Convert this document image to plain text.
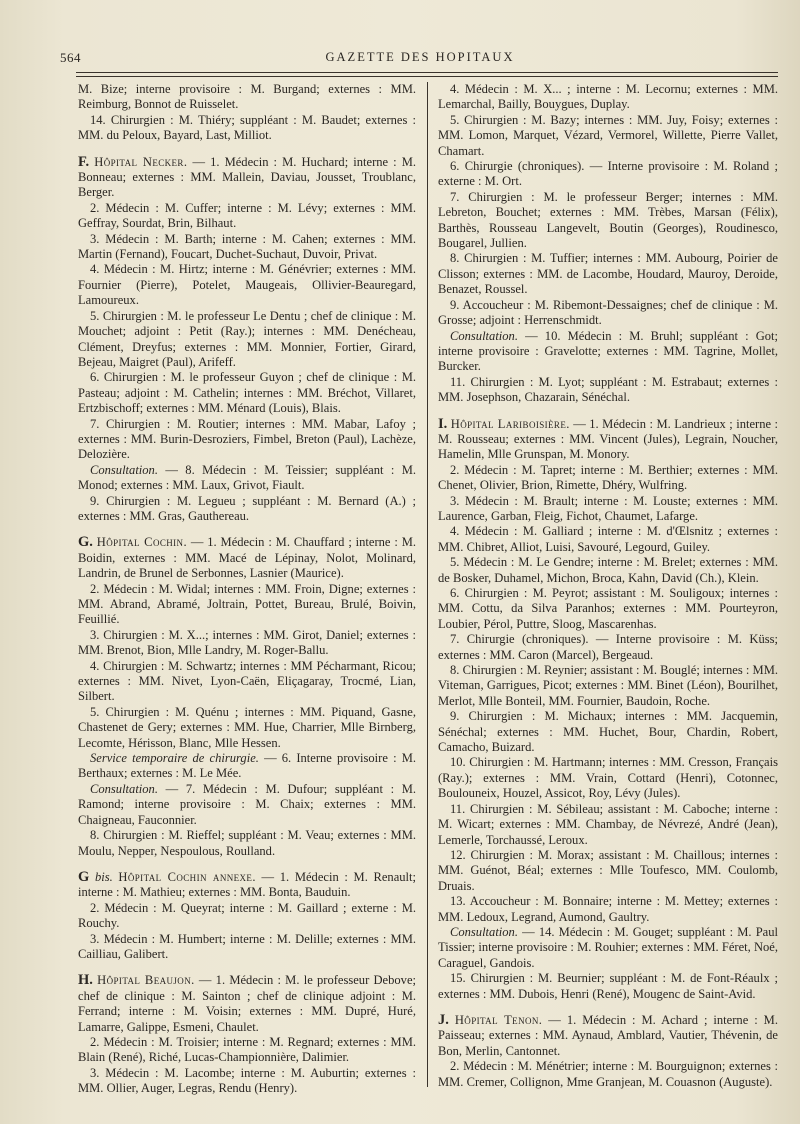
564	GAZETTE DES HOPITAUX

M. Bize; interne provisoire : M. Burgand; externes : MM. Reimburg, Bonnot de Ruisselet.

14. Chirurgien : M. Thiéry; suppléant : M. Baudet; externes : MM. du Peloux, Bayard, Last, Milliot.

F. Hôpital Necker. — 1. Médecin : M. Huchard; interne : M. Bonneau; externes : MM. Mallein, Daviau, Jousset, Troublanc, Berger.

2. Médecin : M. Cuffer; interne : M. Lévy; externes : MM. Geffray, Sourdat, Brin, Bilhaut.

3. Médecin : M. Barth; interne : M. Cahen; externes : MM. Martin (Fernand), Foucart, Duchet-Suchaut, Duvoir, Privat.

4. Médecin : M. Hirtz; interne : M. Génévrier; externes : MM. Fournier (Pierre), Potelet, Maugeais, Ollivier-Beauregard, Lamoureux.

5. Chirurgien : M. le professeur Le Dentu ; chef de clinique : M. Mouchet; adjoint : Petit (Ray.); internes : MM. Denécheau, Clément, Dreyfus; externes : MM. Monnier, Fortier, Girard, Bejeau, Maigret (Paul), Arifeff.

6. Chirurgien : M. le professeur Guyon ; chef de clinique : M. Pasteau; adjoint : M. Cathelin; internes : MM. Bréchot, Villaret, Ertzbischoff; externes : MM. Ménard (Louis), Blais.

7. Chirurgien : M. Routier; internes : MM. Mabar, Lafoy ; externes : MM. Burin-Desroziers, Fimbel, Breton (Paul), Lachèze, Delozière.

Consultation. — 8. Médecin : M. Teissier; suppléant : M. Monod; externes : MM. Laux, Grivot, Fiault.

9. Chirurgien : M. Legueu ; suppléant : M. Bernard (A.) ; externes : MM. Gras, Gauthereau.

G. Hôpital Cochin. — 1. Médecin : M. Chauffard ; interne : M. Boidin, externes : MM. Macé de Lépinay, Nolot, Molinard, Landrin, de Brunel de Serbonnes, Lasnier (Maurice).

2. Médecin : M. Widal; internes : MM. Froin, Digne; externes : MM. Abrand, Abramé, Joltrain, Pottet, Bureau, Brulé, Boivin, Feuillié.

3. Chirurgien : M. X...; internes : MM. Girot, Daniel; externes : MM. Brenot, Bion, Mlle Landry, M. Roger-Ballu.

4. Chirurgien : M. Schwartz; internes : MM Pécharmant, Ricou; externes : MM. Nivet, Lyon-Caën, Eliçagaray, Trocmé, Lian, Silbert.

5. Chirurgien : M. Quénu ; internes : MM. Piquand, Gasne, Chastenet de Gery; externes : MM. Hue, Charrier, Mlle Birnberg, Lecomte, Hérisson, Blanc, Mlle Hessen.

Service temporaire de chirurgie. — 6. Interne provisoire : M. Berthaux; externes : M. Le Mée.

Consultation. — 7. Médecin : M. Dufour; suppléant : M. Ramond; interne provisoire : M. Chaix; externes : MM. Chaigneau, Fauconnier.

8. Chirurgien : M. Rieffel; suppléant : M. Veau; externes : MM. Moulu, Nepper, Nespoulous, Roulland.

G bis. Hôpital Cochin annexe. — 1. Médecin : M. Renault; interne : M. Mathieu; externes : MM. Bonta, Bauduin.

2. Médecin : M. Queyrat; interne : M. Gaillard ; externe : M. Rouchy.

3. Médecin : M. Humbert; interne : M. Delille; externes : MM. Cailliau, Galibert.

H. Hôpital Beaujon. — 1. Médecin : M. le professeur Debove; chef de clinique : M. Sainton ; chef de clinique adjoint : M. Ferrand; interne : M. Voisin; externes : MM. Dupré, Huré, Lamarre, Galippe, Esmeni, Chaulet.

2. Médecin : M. Troisier; interne : M. Regnard; externes : MM. Blain (René), Riché, Lucas-Championnière, Dalimier.

3. Médecin : M. Lacombe; interne : M. Auburtin; externes : MM. Ollier, Auger, Legras, Rendu (Henry).

4. Médecin : M. X... ; interne : M. Lecornu; externes : MM. Lemarchal, Bailly, Bouygues, Duplay.

5. Chirurgien : M. Bazy; internes : MM. Juy, Foisy; externes : MM. Lomon, Marquet, Vézard, Vermorel, Willette, Pierre Vallet, Chamart.

6. Chirurgie (chroniques). — Interne provisoire : M. Roland ; externe : M. Ort.

7. Chirurgien : M. le professeur Berger; internes : MM. Lebreton, Bouchet; externes : MM. Trèbes, Marsan (Félix), Barthès, Rousseau Langevelt, Boutin (Georges), Roudinesco, Bougarel, Jullien.

8. Chirurgien : M. Tuffier; internes : MM. Aubourg, Poirier de Clisson; externes : MM. de Lacombe, Houdard, Mauroy, Deroide, Benazet, Roussel.

9. Accoucheur : M. Ribemont-Dessaignes; chef de clinique : M. Grosse; adjoint : Herrenschmidt.

Consultation. — 10. Médecin : M. Bruhl; suppléant : Got; interne provisoire : Gravelotte; externes : MM. Tagrine, Mollet, Burcker.

11. Chirurgien : M. Lyot; suppléant : M. Estrabaut; externes : MM. Josephson, Chazarain, Sénéchal.

I. Hôpital Lariboisière. — 1. Médecin : M. Landrieux ; interne : M. Rousseau; externes : MM. Vincent (Jules), Legrain, Noucher, Hamelin, Mlle Grunspan, M. Monory.

2. Médecin : M. Tapret; interne : M. Berthier; externes : MM. Chenet, Olivier, Brion, Rimette, Dhéry, Wulfring.

3. Médecin : M. Brault; interne : M. Louste; externes : MM. Laurence, Garban, Fleig, Fichot, Chaumet, Lafarge.

4. Médecin : M. Galliard ; interne : M. d'Œlsnitz ; externes : MM. Chibret, Alliot, Luisi, Savouré, Legourd, Guiley.

5. Médecin : M. Le Gendre; interne : M. Brelet; externes : MM. de Bosker, Duhamel, Michon, Broca, Kahn, David (Ch.), Klein.

6. Chirurgien : M. Peyrot; assistant : M. Souligoux; internes : MM. Cottu, da Silva Paranhos; externes : MM. Pourteyron, Loubier, Pérol, Puttre, Sloog, Mascarenhas.

7. Chirurgie (chroniques). — Interne provisoire : M. Küss; externes : MM. Caron (Marcel), Bergeaud.

8. Chirurgien : M. Reynier; assistant : M. Bouglé; internes : MM. Viteman, Garrigues, Picot; externes : MM. Binet (Léon), Bourilhet, Merlot, Mlle Bonteil, MM. Fournier, Baudoin, Roche.

9. Chirurgien : M. Michaux; internes : MM. Jacquemin, Sénéchal; externes : MM. Huchet, Bour, Chardin, Robert, Camacho, Buizard.

10. Chirurgien : M. Hartmann; internes : MM. Cresson, Français (Ray.); externes : MM. Vrain, Cottard (Henri), Cotonnec, Boulouneix, Houzel, Assicot, Roy, Lévy (Jules).

11. Chirurgien : M. Sébileau; assistant : M. Caboche; interne : M. Wicart; externes : MM. Chambay, de Névrezé, André (Jean), Lemerle, Torchaussé, Leroux.

12. Chirurgien : M. Morax; assistant : M. Chaillous; internes : MM. Guénot, Béal; externes : Mlle Toufesco, MM. Coulomb, Druais.

13. Accoucheur : M. Bonnaire; interne : M. Mettey; externes : MM. Ledoux, Legrand, Aumond, Gaultry.

Consultation. — 14. Médecin : M. Gouget; suppléant : M. Paul Tissier; interne provisoire : M. Rouhier; externes : MM. Féret, Noé, Caraguel, Gandois.

15. Chirurgien : M. Beurnier; suppléant : M. de Font-Réaulx ; externes : MM. Dubois, Henri (René), Mougenc de Saint-Avid.

J. Hôpital Tenon. — 1. Médecin : M. Achard ; interne : M. Paisseau; externes : MM. Aynaud, Amblard, Vautier, Thévenin, de Bon, Merlin, Cantonnet.

2. Médecin : M. Ménétrier; interne : M. Bourguignon; externes : MM. Cremer, Collignon, Mme Granjean, M. Couasnon (Auguste).
